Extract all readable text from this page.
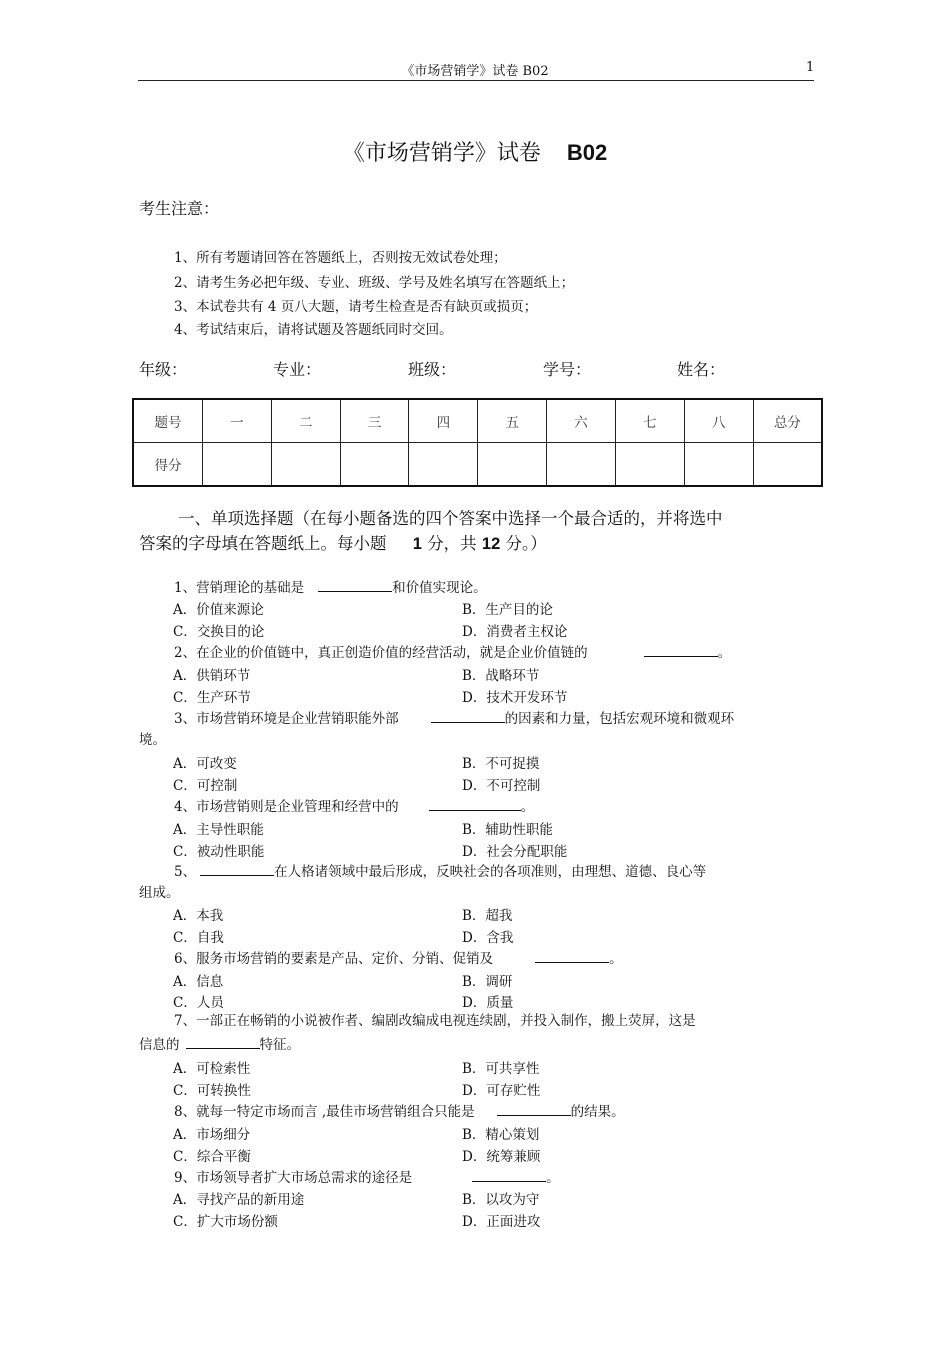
《市场营销学》试卷 B02	1
《市场营销学》试卷 B02
考生注意：
1、所有考题请回答在答题纸上，否则按无效试卷处理；
2、请考生务必把年级、专业、班级、学号及姓名填写在答题纸上；
3、本试卷共有 4 页八大题，请考生检查是否有缺页或损页；
4、考试结束后，请将试题及答题纸同时交回。
年级：	专业：	班级：	学号：	姓名：
题号	一	二	三	四	五	六	七	八	总分
得分									
一、单项选择题（在每小题备选的四个答案中选择一个最合适的，并将选中
答案的字母填在答题纸上。每小题 1 分，共 12 分。）
1、营销理论的基础是	和价值实现论。
A．价值来源论	B．生产目的论
C．交换目的论	D．消费者主权论
2、在企业的价值链中，真正创造价值的经营活动，就是企业价值链的	。
A．供销环节	B．战略环节
C．生产环节	D．技术开发环节
3、市场营销环境是企业营销职能外部	的因素和力量，包括宏观环境和微观环
境。
A．可改变	B．不可捉摸
C．可控制	D．不可控制
4、市场营销则是企业管理和经营中的	。
A．主导性职能	B．辅助性职能
C．被动性职能	D．社会分配职能
5、	在人格诸领域中最后形成，反映社会的各项准则，由理想、道德、良心等
组成。
A．本我	B．超我
C．自我	D．含我
6、服务市场营销的要素是产品、定价、分销、促销及	。
A．信息	B．调研
C．人员	D．质量
7、一部正在畅销的小说被作者、编剧改编成电视连续剧，并投入制作，搬上荧屏，这是
信息的	特征。
A．可检索性	B．可共享性
C．可转换性	D．可存贮性
8、就每一特定市场而言 ,最佳市场营销组合只能是	的结果。
A．市场细分	B．精心策划
C．综合平衡	D．统筹兼顾
9、市场领导者扩大市场总需求的途径是	。
A．寻找产品的新用途	B．以攻为守
C．扩大市场份额	D．正面进攻
